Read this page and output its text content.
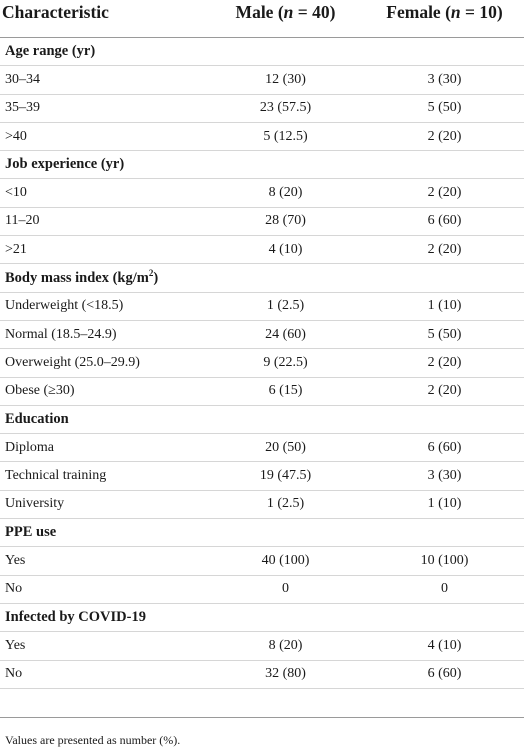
Characteristic	Male (n = 40)	Female (n = 10)
Age range (yr)		
30–34	12 (30)	3 (30)
35–39	23 (57.5)	5 (50)
>40	5 (12.5)	2 (20)
Job experience (yr)		
<10	8 (20)	2 (20)
11–20	28 (70)	6 (60)
>21	4 (10)	2 (20)
Body mass index $(kg/m^2)$		
Underweight (<18.5)	1 (2.5)	1 (10)
Normal (18.5–24.9)	24 (60)	5 (50)
Overweight (25.0–29.9)	9 (22.5)	2 (20)
Obese (≥30)	6 (15)	2 (20)
Education		
Diploma	20 (50)	6 (60)
Technical training	19 (47.5)	3 (30)
University	1 (2.5)	1 (10)
PPE use		
Yes	40 (100)	10 (100)
No	0	0
Infected by COVID-19		
Yes	8 (20)	4 (10)
No	32 (80)	6 (60)
Values are presented as number (%).
